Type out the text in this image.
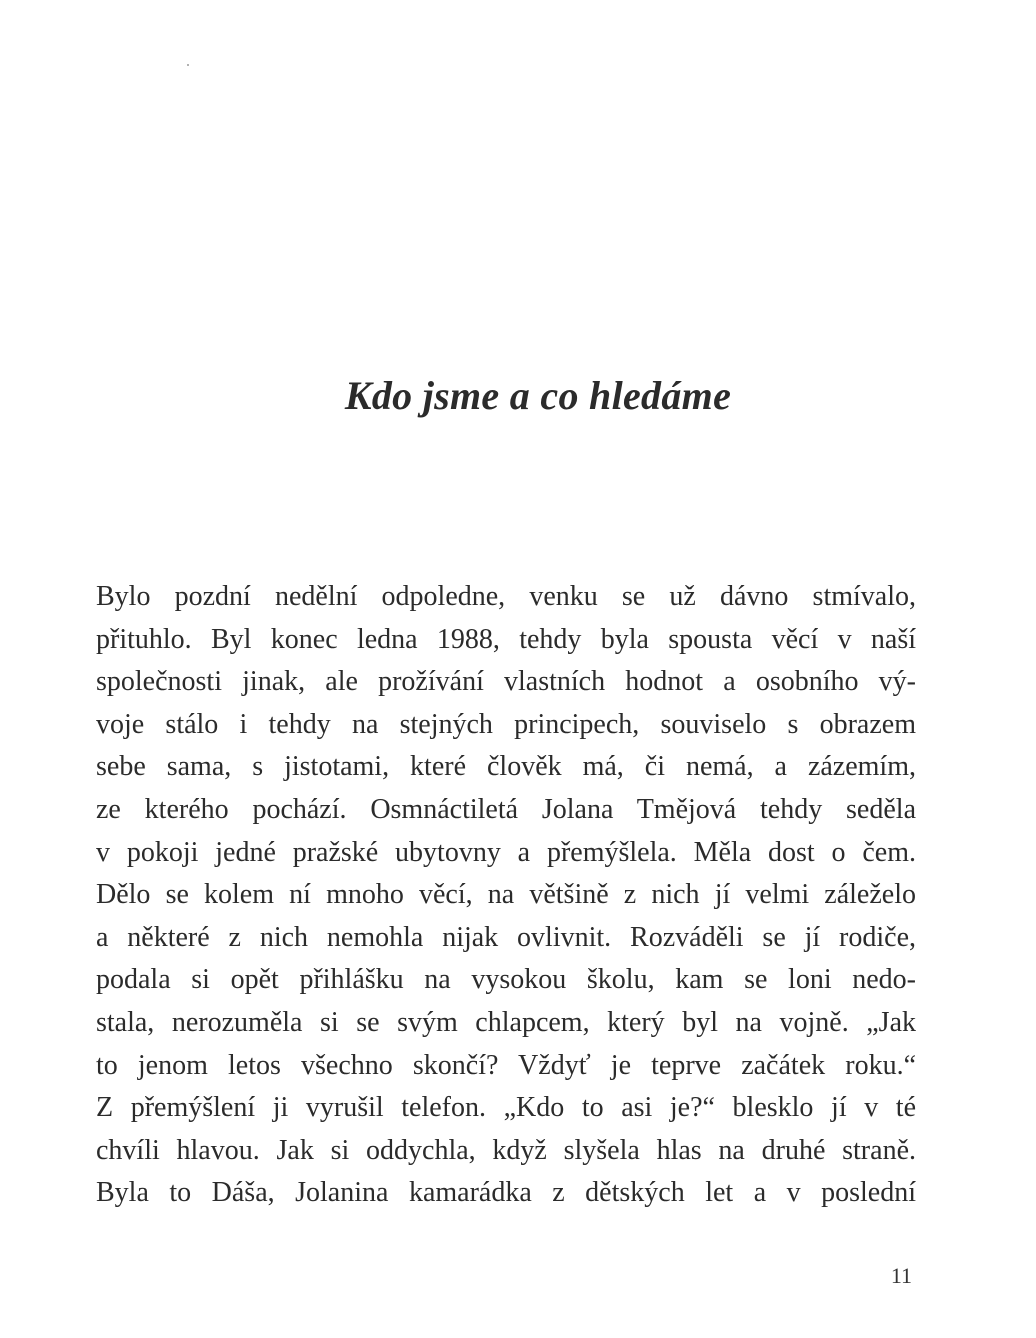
Kdo jsme a co hledáme
Bylo pozdní nedělní odpoledne, venku se už dávno stmívalo,
přituhlo. Byl konec ledna 1988, tehdy byla spousta věcí v naší
společnosti jinak, ale prožívání vlastních hodnot a osobního vý-
voje stálo i tehdy na stejných principech, souviselo s obrazem
sebe sama, s jistotami, které člověk má, či nemá, a zázemím,
ze kterého pochází. Osmnáctiletá Jolana Tmějová tehdy seděla
v pokoji jedné pražské ubytovny a přemýšlela. Měla dost o čem.
Dělo se kolem ní mnoho věcí, na většině z nich jí velmi záleželo
a některé z nich nemohla nijak ovlivnit. Rozváděli se jí rodiče,
podala si opět přihlášku na vysokou školu, kam se loni nedo-
stala, nerozuměla si se svým chlapcem, který byl na vojně. „Jak
to jenom letos všechno skončí? Vždyť je teprve začátek roku.“
Z přemýšlení ji vyrušil telefon. „Kdo to asi je?“ blesklo jí v té
chvíli hlavou. Jak si oddychla, když slyšela hlas na druhé straně.
Byla to Dáša, Jolanina kamarádka z dětských let a v poslední
11
